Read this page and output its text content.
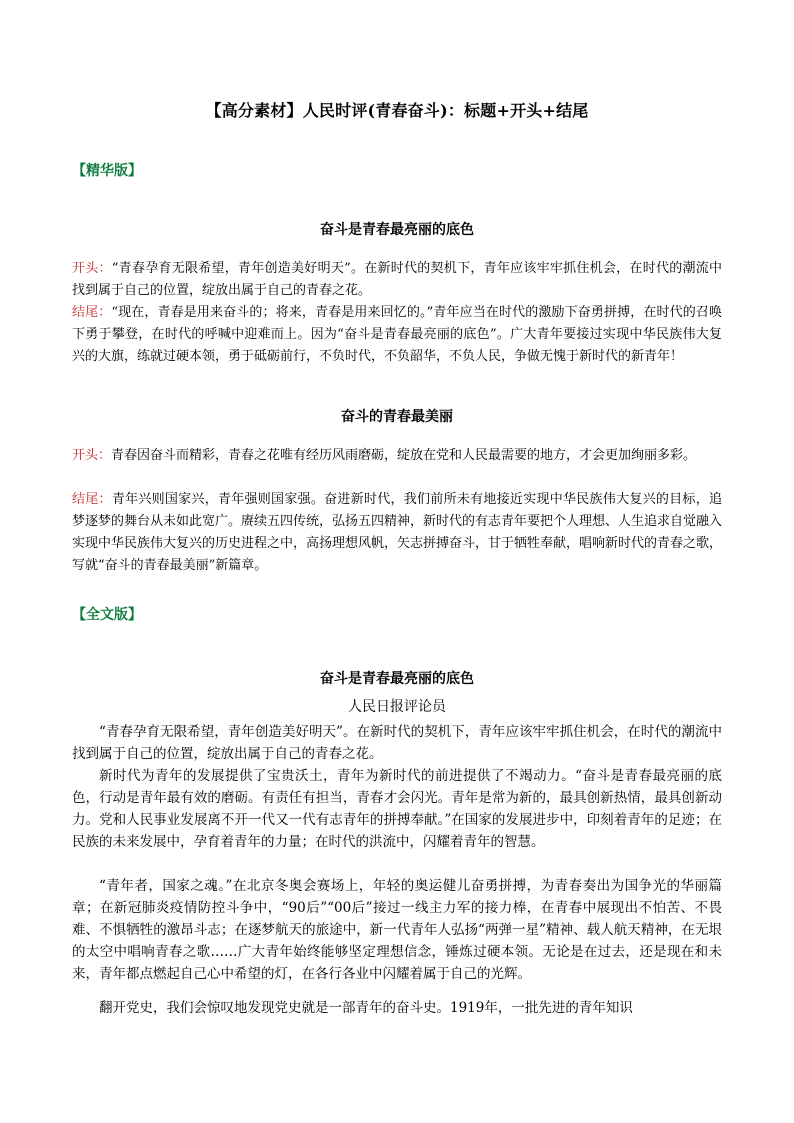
【高分素材】人民时评(青春奋斗)：标题+开头+结尾
【精华版】
奋斗是青春最亮丽的底色
开头：“青春孕育无限希望，青年创造美好明天”。在新时代的契机下，青年应该牢牢抓住机会，在时代的潮流中找到属于自己的位置，绽放出属于自己的青春之花。
结尾：“现在，青春是用来奋斗的；将来，青春是用来回忆的。”青年应当在时代的激励下奋勇拼搏，在时代的召唤下勇于攀登，在时代的呼喊中迎难而上。因为“奋斗是青春最亮丽的底色”。广大青年要接过实现中华民族伟大复兴的大旗，练就过硬本领，勇于砥砺前行，不负时代，不负韶华，不负人民，争做无愧于新时代的新青年！
奋斗的青春最美丽
开头：青春因奋斗而精彩，青春之花唯有经历风雨磨砺，绽放在党和人民最需要的地方，才会更加绚丽多彩。
结尾：青年兴则国家兴，青年强则国家强。奋进新时代，我们前所未有地接近实现中华民族伟大复兴的目标，追梦逐梦的舞台从未如此宽广。赓续五四传统，弘扬五四精神，新时代的有志青年要把个人理想、人生追求自觉融入实现中华民族伟大复兴的历史进程之中，高扬理想风帆，矢志拼搏奋斗，甘于牺牲奉献，唱响新时代的青春之歌，写就“奋斗的青春最美丽”新篇章。
【全文版】
奋斗是青春最亮丽的底色
人民日报评论员

“青春孕育无限希望，青年创造美好明天”。在新时代的契机下，青年应该牢牢抓住机会，在时代的潮流中找到属于自己的位置，绽放出属于自己的青春之花。

新时代为青年的发展提供了宝贵沃土，青年为新时代的前进提供了不竭动力。“奋斗是青春最亮丽的底色，行动是青年最有效的磨砺。有责任有担当，青春才会闪光。青年是常为新的，最具创新热情，最具创新动力。党和人民事业发展离不开一代又一代有志青年的拼搏奉献。”在国家的发展进步中，印刻着青年的足迹；在民族的未来发展中，孕育着青年的力量；在时代的洪流中，闪耀着青年的智慧。

“青年者，国家之魂。”在北京冬奥会赛场上，年轻的奥运健儿奋勇拼搏，为青春奏出为国争光的华丽篇章；在新冠肺炎疫情防控斗争中，“90后”“00后”接过一线主力军的接力棒，在青春中展现出不怕苦、不畏难、不惧牺牲的激昂斗志；在逐梦航天的旅途中，新一代青年人弘扬“两弹一星”精神、载人航天精神，在无垠的太空中唱响青春之歌……广大青年始终能够坚定理想信念，锤炼过硬本领。无论是在过去，还是现在和未来，青年都点燃起自己心中希望的灯，在各行各业中闪耀着属于自己的光辉。

翻开党史，我们会惊叹地发现党史就是一部青年的奋斗史。1919年，一批先进的青年知识
